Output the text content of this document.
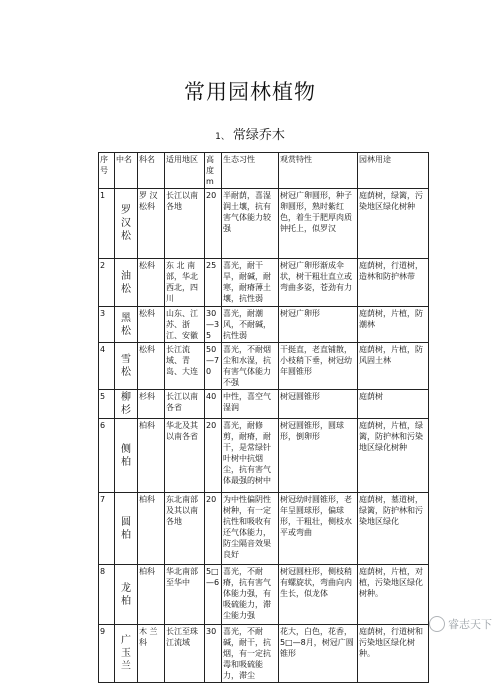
常用园林植物
1、 常绿乔木
序号	中名	科名	适用地区	高度m	生态习性	观赏特性	园林用途
1	罗汉松	罗 汉松科	长江以南各地	20	半耐荫，喜湿润土壤，抗有害气体能力较强	树冠广卵圆形，种子卵圆形，熟时紫红色，着生于肥厚肉质钟托上，似罗汉	庭荫树，绿篱，污染地区绿化树种
2	油松	松科	东 北 南部，华北西北，四川	25	喜光，耐干旱，耐碱，耐寒，耐瘠薄土壤，抗性弱	树冠广卵形渐成伞状，树干粗壮直立或弯曲多姿，苍劲有力	庭荫树，行道树，造林和防护林带
3	黑松	松科	山东、江苏、浙江、安徽	30—35	喜光，耐潮风，不耐碱，抗性弱	树冠广卵形	庭荫树，片植，防潮林
4	雪松	松科	长江流域、青岛、大连	50—70	喜光，不耐烟尘和水湿，抗有害气体能力不强	干挺直，老直铺散，小枝稍下垂，树冠幼年圆锥形	庭荫树，片植，防风固土林
5	柳杉	杉科	长江以南各省	40	中性，喜空气湿润	树冠圆锥形	庭荫树
6	侧柏	柏科	华北及其以南各省	20	喜光，耐修剪，耐瘠，耐干，是常绿针叶树中抗烟尘，抗有害气体最强的树中	树冠圆锥形，圆球形，倒卵形	庭荫树，片植，绿篱，防护林和污染地区绿化树种
7	圆柏	柏科	东北南部及其以南各地	20	为中性偏阴性树种，有一定抗性和吸收有还气体能力，防尘隔音效果良好	树冠幼时圆锥形，老年呈圆球形，偏球形，干粗壮，侧枝水平或弯曲	庭荫树，墓道树，绿篱，防护林和污染地区绿化
8	龙柏	柏科	华北南部至华中	5□—6	喜光，不耐瘠，抗有害气体能力强，有吸硫能力，滞尘能力强	树冠圆柱形，侧枝稍有螺旋状，弯曲向内生长，似龙体	庭荫树，片植，对植，污染地区绿化树种。
9	广玉兰	木 兰科	长江至珠江流域	30	喜光，不耐碱，耐干，抗烟，有一定抗毒和吸硫能力，滞尘	花大，白色，花香，5□—8月，树冠广圆锥形	庭荫树，行道树和污染地区绿化树种。
睿志天下
